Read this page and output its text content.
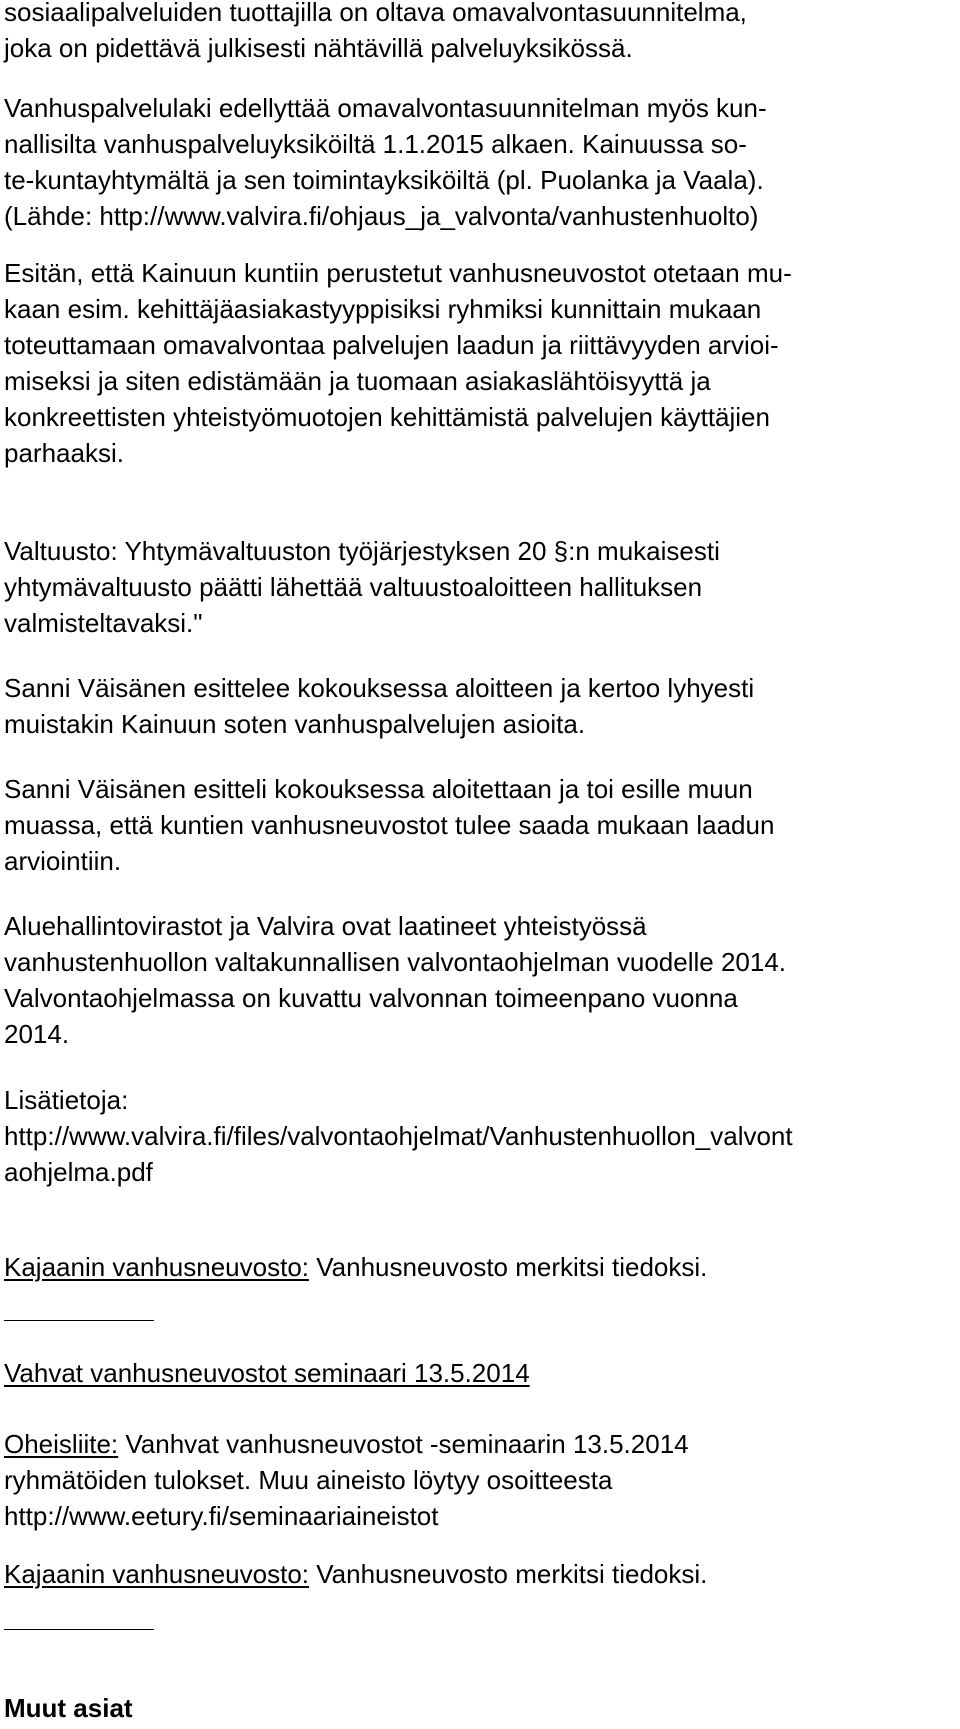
sosiaalipalveluiden tuottajilla on oltava omavalvontasuunnitelma,
joka on pidettävä julkisesti nähtävillä palveluyksikössä.

Vanhuspalvelulaki edellyttää omavalvontasuunnitelman myös kun-
nallisilta vanhuspalveluyksiköiltä 1.1.2015 alkaen. Kainuussa so-
te-kuntayhtymältä ja sen toimintayksiköiltä (pl. Puolanka ja Vaala).
(Lähde: http://www.valvira.fi/ohjaus_ja_valvonta/vanhustenhuolto)

Esitän, että Kainuun kuntiin perustetut vanhusneuvostot otetaan mu-
kaan esim. kehittäjäasiakastyyppisiksi ryhmiksi kunnittain mukaan
toteuttamaan omavalvontaa palvelujen laadun ja riittävyyden arvioi-
miseksi ja siten edistämään ja tuomaan asiakaslähtöisyyttä ja
konkreettisten yhteistyömuotojen kehittämistä palvelujen käyttäjien
parhaaksi.

Valtuusto: Yhtymävaltuuston työjärjestyksen 20 §:n mukaisesti
yhtymävaltuusto päätti lähettää valtuustoaloitteen hallituksen
valmisteltavaksi."

Sanni Väisänen esittelee kokouksessa aloitteen ja kertoo lyhyesti
muistakin Kainuun soten vanhuspalvelujen asioita.

Sanni Väisänen esitteli kokouksessa aloitettaan ja toi esille muun
muassa, että kuntien vanhusneuvostot tulee saada mukaan laadun
arviointiin.

Aluehallintovirastot ja Valvira ovat laatineet yhteistyössä
vanhustenhuollon valtakunnallisen valvontaohjelman vuodelle 2014.
Valvontaohjelmassa on kuvattu valvonnan toimeenpano vuonna
2014.

Lisätietoja:
http://www.valvira.fi/files/valvontaohjelmat/Vanhustenhuollon_valvont
aohjelma.pdf

Kajaanin vanhusneuvosto: Vanhusneuvosto merkitsi tiedoksi.

Vahvat vanhusneuvostot seminaari 13.5.2014

Oheisliite: Vanhvat vanhusneuvostot -seminaarin 13.5.2014
ryhmätöiden tulokset. Muu aineisto löytyy osoitteesta
http://www.eetury.fi/seminaariaineistot

Kajaanin vanhusneuvosto: Vanhusneuvosto merkitsi tiedoksi.

Muut asiat
